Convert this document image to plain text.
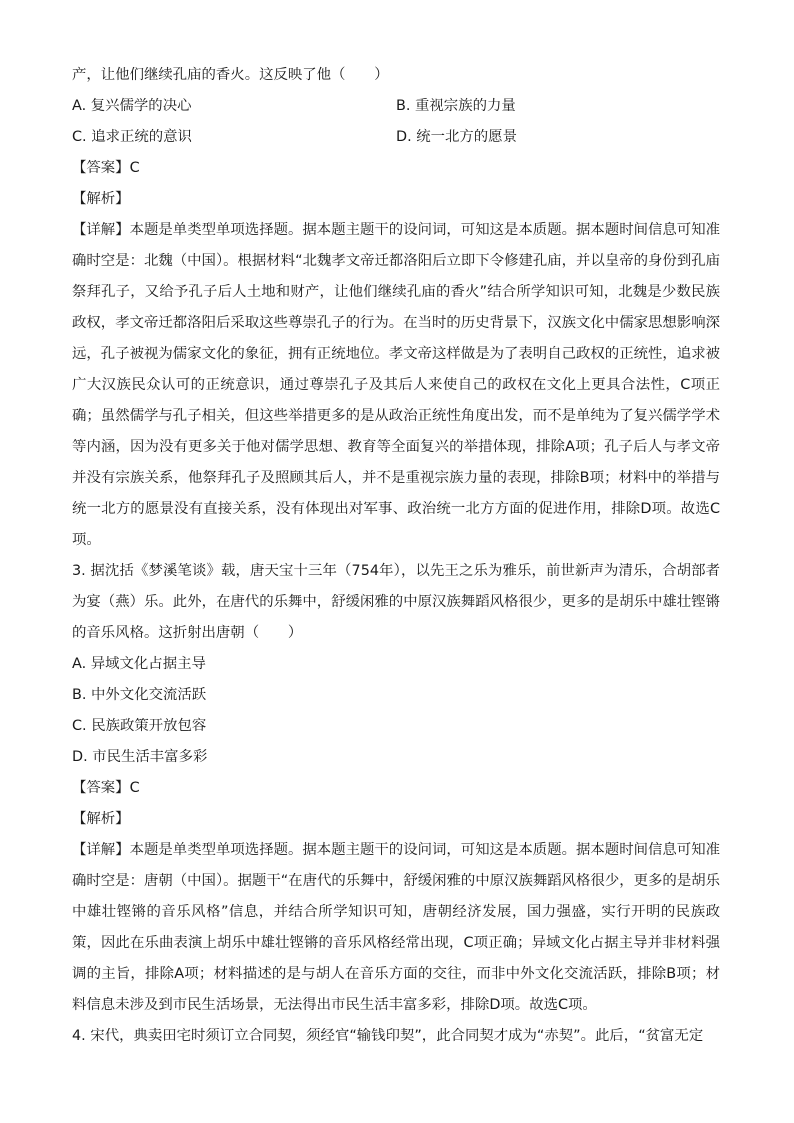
产，让他们继续孔庙的香火。这反映了他（　　）
A. 复兴儒学的决心	B. 重视宗族的力量
C. 追求正统的意识	D. 统一北方的愿景
【答案】C
【解析】
【详解】本题是单类型单项选择题。据本题主题干的设问词，可知这是本质题。据本题时间信息可知准确时空是：北魏（中国）。根据材料“北魏孝文帝迁都洛阳后立即下令修建孔庙，并以皇帝的身份到孔庙祭拜孔子，又给予孔子后人土地和财产，让他们继续孔庙的香火”结合所学知识可知，北魏是少数民族政权，孝文帝迁都洛阳后采取这些尊崇孔子的行为。在当时的历史背景下，汉族文化中儒家思想影响深远，孔子被视为儒家文化的象征，拥有正统地位。孝文帝这样做是为了表明自己政权的正统性，追求被广大汉族民众认可的正统意识，通过尊崇孔子及其后人来使自己的政权在文化上更具合法性，C项正确；虽然儒学与孔子相关，但这些举措更多的是从政治正统性角度出发，而不是单纯为了复兴儒学学术等内涵，因为没有更多关于他对儒学思想、教育等全面复兴的举措体现，排除A项；孔子后人与孝文帝并没有宗族关系，他祭拜孔子及照顾其后人，并不是重视宗族力量的表现，排除B项；材料中的举措与统一北方的愿景没有直接关系，没有体现出对军事、政治统一北方方面的促进作用，排除D项。故选C项。
3. 据沈括《梦溪笔谈》载，唐天宝十三年（754年），以先王之乐为雅乐，前世新声为清乐，合胡部者为宴（燕）乐。此外，在唐代的乐舞中，舒缓闲雅的中原汉族舞蹈风格很少，更多的是胡乐中雄壮铿锵的音乐风格。这折射出唐朝（　　）
A. 异域文化占据主导
B. 中外文化交流活跃
C. 民族政策开放包容
D. 市民生活丰富多彩
【答案】C
【解析】
【详解】本题是单类型单项选择题。据本题主题干的设问词，可知这是本质题。据本题时间信息可知准确时空是：唐朝（中国）。据题干“在唐代的乐舞中，舒缓闲雅的中原汉族舞蹈风格很少，更多的是胡乐中雄壮铿锵的音乐风格”信息，并结合所学知识可知，唐朝经济发展，国力强盛，实行开明的民族政策，因此在乐曲表演上胡乐中雄壮铿锵的音乐风格经常出现，C项正确；异域文化占据主导并非材料强调的主旨，排除A项；材料描述的是与胡人在音乐方面的交往，而非中外文化交流活跃，排除B项；材料信息未涉及到市民生活场景，无法得出市民生活丰富多彩，排除D项。故选C项。
4. 宋代，典卖田宅时须订立合同契，须经官“输钱印契”，此合同契才成为“赤契”。此后，“贫富无定
